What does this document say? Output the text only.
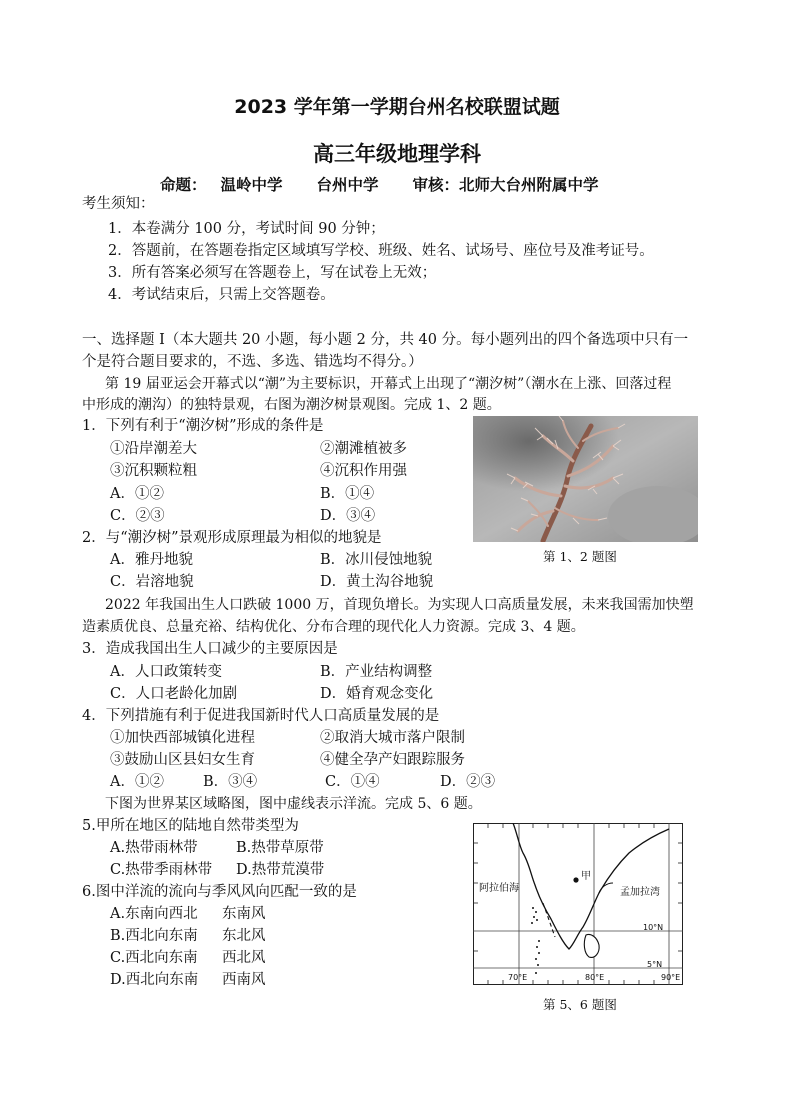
2023 学年第一学期台州名校联盟试题
高三年级地理学科
命题： 温岭中学 台州中学 审核：北师大台州附属中学
考生须知：
1．本卷满分 100 分，考试时间 90 分钟；
2．答题前，在答题卷指定区域填写学校、班级、姓名、试场号、座位号及准考证号。
3．所有答案必须写在答题卷上，写在试卷上无效；
4．考试结束后，只需上交答题卷。
一、选择题 I（本大题共 20 小题，每小题 2 分，共 40 分。每小题列出的四个备选项中只有一
个是符合题目要求的，不选、多选、错选均不得分。）
第 19 届亚运会开幕式以“潮”为主要标识，开幕式上出现了“潮汐树”（潮水在上涨、回落过程
中形成的潮沟）的独特景观，右图为潮汐树景观图。完成 1、2 题。
1．下列有利于“潮汐树”形成的条件是
①沿岸潮差大	②潮滩植被多
③沉积颗粒粗	④沉积作用强
A．①②	B．①④
C．②③	D．③④
2．与“潮汐树”景观形成原理最为相似的地貌是
A．雅丹地貌	B．冰川侵蚀地貌
C．岩溶地貌	D．黄土沟谷地貌
第 1、2 题图
2022 年我国出生人口跌破 1000 万，首现负增长。为实现人口高质量发展，未来我国需加快塑
造素质优良、总量充裕、结构优化、分布合理的现代化人力资源。完成 3、4 题。
3．造成我国出生人口减少的主要原因是
A．人口政策转变	B．产业结构调整
C．人口老龄化加剧	D．婚育观念变化
4．下列措施有利于促进我国新时代人口高质量发展的是
①加快西部城镇化进程	②取消大城市落户限制
③鼓励山区县妇女生育	④健全孕产妇跟踪服务
A．①②	B．③④	C．①④	D．②③
下图为世界某区域略图，图中虚线表示洋流。完成 5、6 题。
5.甲所在地区的陆地自然带类型为
A.热带雨林带	B.热带草原带
C.热带季雨林带 D.热带荒漠带
6.图中洋流的流向与季风风向匹配一致的是
A.东南向西北 东南风
B.西北向东南 东北风
C.西北向东南 西北风
D.西北向东南 西南风
甲
阿拉伯海	孟加拉湾
10°N
5°N
70°E	80°E	90°E
第 5、6 题图
